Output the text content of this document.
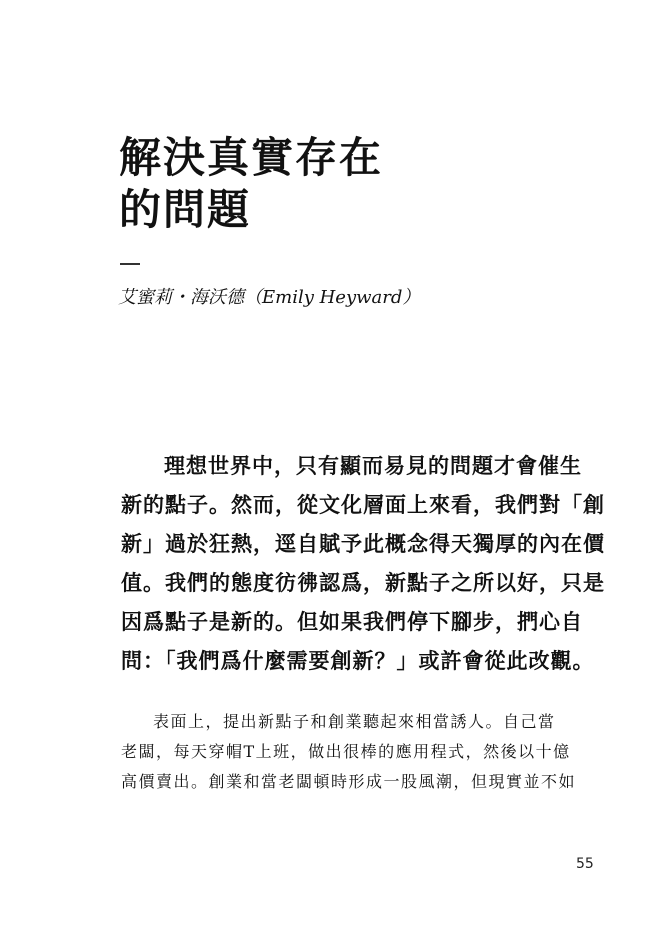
解決真實存在
的問題
艾蜜莉・海沃德（Emily Heyward）
理想世界中，只有顯而易見的問題才會催生
新的點子。然而，從文化層面上來看，我們對「創
新」過於狂熱，逕自賦予此概念得天獨厚的內在價
值。我們的態度彷彿認爲，新點子之所以好，只是
因爲點子是新的。但如果我們停下腳步，捫心自
問：「我們爲什麼需要創新？」或許會從此改觀。
表面上，提出新點子和創業聽起來相當誘人。自己當
老闆，每天穿帽T上班，做出很棒的應用程式，然後以十億
高價賣出。創業和當老闆頓時形成一股風潮，但現實並不如
55
